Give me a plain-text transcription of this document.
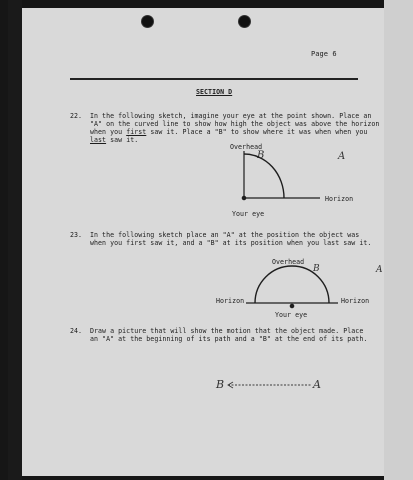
Page 6
SECTION D
22. In the following sketch, imagine your eye at the point shown. Place an
"A" on the curved line to show how high the object was above the horizon
when you first saw it. Place a "B" to show where it was when when you
last saw it.
Overhead
Horizon
Your eye
B	A
23. In the following sketch place an "A" at the position the object was
when you first saw it, and a "B" at its position when you last saw it.
Overhead
Horizon	Horizon
Your eye
B	A
24. Draw a picture that will show the motion that the object made. Place
an "A" at the beginning of its path and a "B" at the end of its path.
B	A
